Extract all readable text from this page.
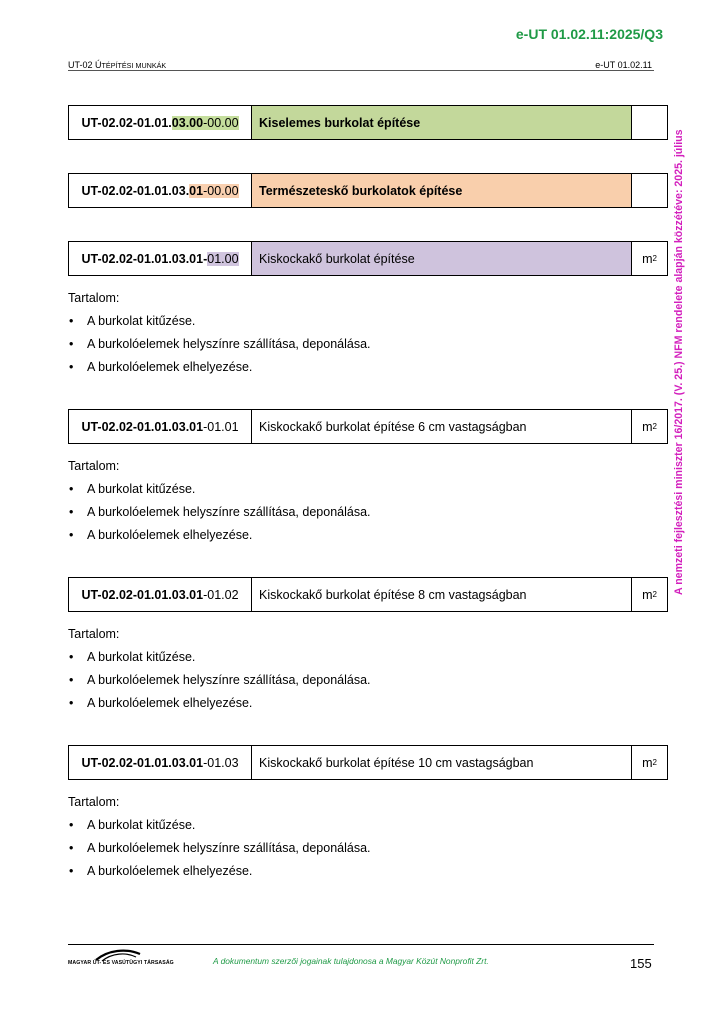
e-UT 01.02.11:2025/Q3
UT-02 ÚTÉPÍTÉSI MUNKÁK	e-UT 01.02.11
A nemzeti fejlesztési miniszter 16/2017. (V. 25.) NFM rendelete alapján közzétéve: 2025. július
UT-02.02-01.01. 03.00 -00.00	Kiselemes burkolat építése
UT-02.02-01.01.03. 01 -00.00	Természeteskő burkolatok építése
UT-02.02-01.01.03.01- 01.00	Kiskockakő burkolat építése	m 2
Tartalom:
•	A burkolat kitűzése.
•	A burkolóelemek helyszínre szállítása, deponálása.
•	A burkolóelemek elhelyezése.
UT-02.02-01.01.03.01 -01.01	Kiskockakő burkolat építése 6 cm vastagságban	m 2
Tartalom:
•	A burkolat kitűzése.
•	A burkolóelemek helyszínre szállítása, deponálása.
•	A burkolóelemek elhelyezése.
UT-02.02-01.01.03.01 -01.02	Kiskockakő burkolat építése 8 cm vastagságban	m 2
Tartalom:
•	A burkolat kitűzése.
•	A burkolóelemek helyszínre szállítása, deponálása.
•	A burkolóelemek elhelyezése.
UT-02.02-01.01.03.01 -01.03	Kiskockakő burkolat építése 10 cm vastagságban	m 2
Tartalom:
•	A burkolat kitűzése.
•	A burkolóelemek helyszínre szállítása, deponálása.
•	A burkolóelemek elhelyezése.
MAGYAR ÚT- ÉS VASÚTÜGYI TÁRSASÁG	A dokumentum szerzői jogainak tulajdonosa a Magyar Közút Nonprofit Zrt.	155
